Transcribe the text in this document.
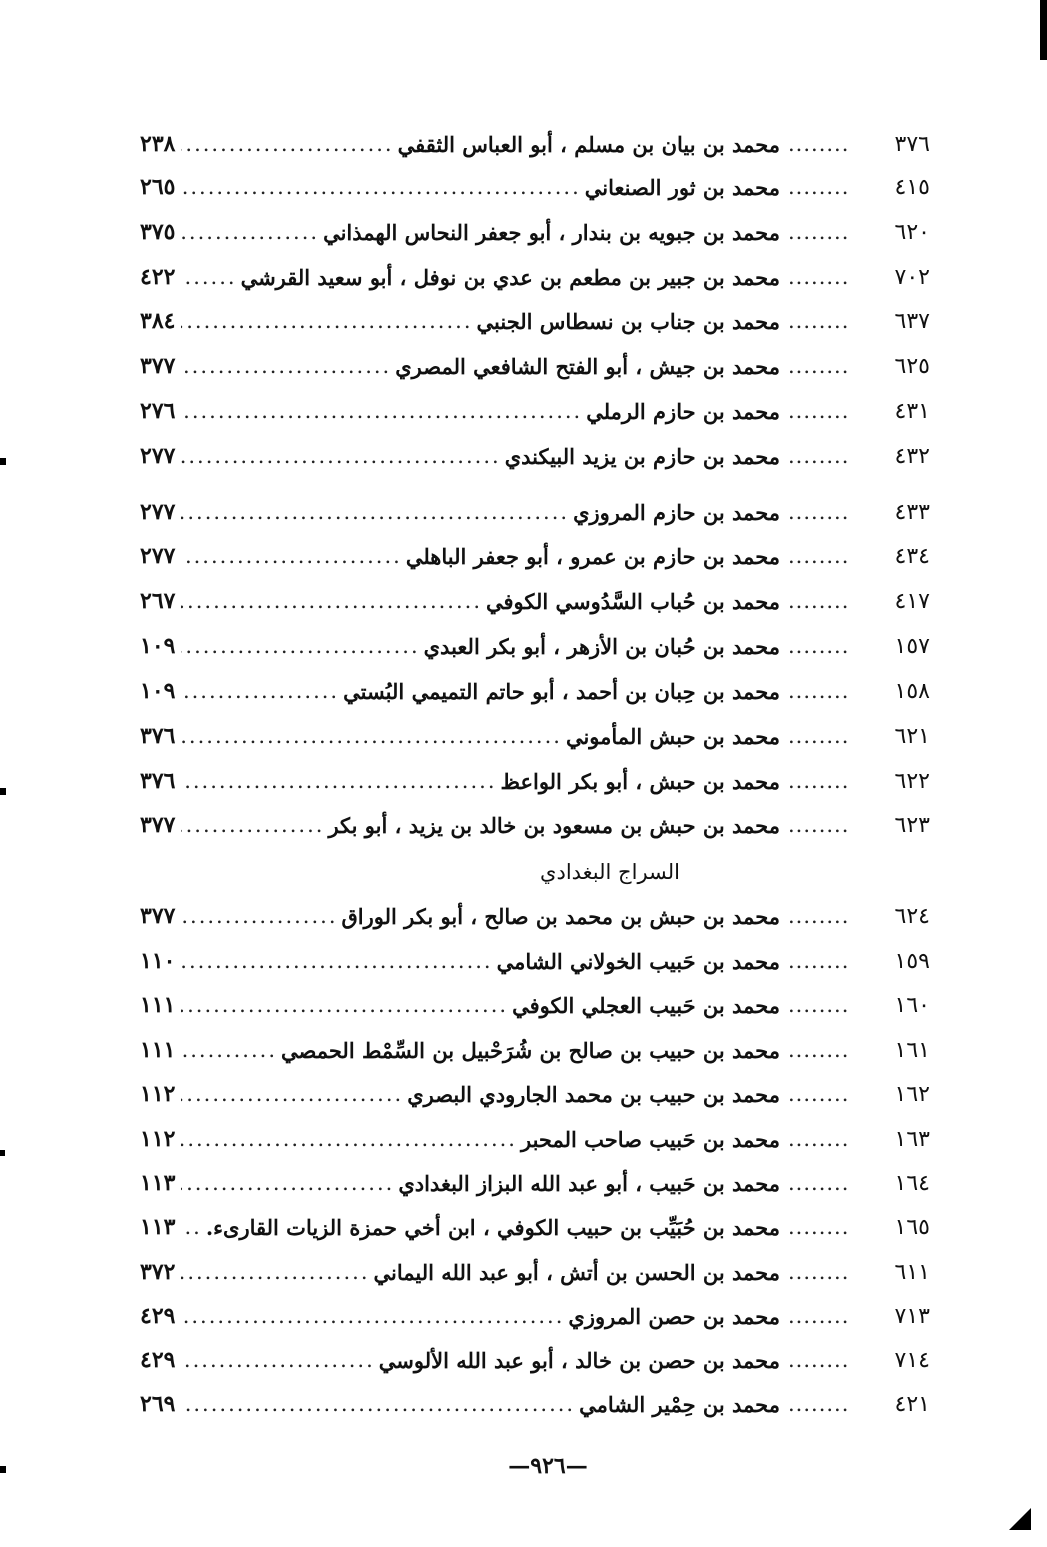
٣٧٦
........
محمد بن بيان بن مسلم ، أبو العباس الثقفي
.....
٢٣٨
٤١٥
........
محمد بن ثور الصنعاني
.....
٢٦٥
٦٢٠
........
محمد بن جبويه بن بندار ، أبو جعفر النحاس الهمذاني
.....
٣٧٥
٧٠٢
........
محمد بن جبير بن مطعم بن عدي بن نوفل ، أبو سعيد القرشي
.....
٤٢٢
٦٣٧
........
محمد بن جناب بن نسطاس الجنبي
.....
٣٨٤
٦٢٥
........
محمد بن جيش ، أبو الفتح الشافعي المصري
.....
٣٧٧
٤٣١
........
محمد بن حازم الرملي
.....
٢٧٦
٤٣٢
........
محمد بن حازم بن يزيد البيكندي
.....
٢٧٧
٤٣٣
........
محمد بن حازم المروزي
.....
٢٧٧
٤٣٤
........
محمد بن حازم بن عمرو ، أبو جعفر الباهلي
.....
٢٧٧
٤١٧
........
محمد بن حُباب السَّدُوسي الكوفي
.....
٢٦٧
١٥٧
........
محمد بن حُبان بن الأزهر ، أبو بكر العبدي
.....
١٠٩
١٥٨
........
محمد بن حِبان بن أحمد ، أبو حاتم التميمي البُستي
.....
١٠٩
٦٢١
........
محمد بن حبش المأموني
.....
٣٧٦
٦٢٢
........
محمد بن حبش ، أبو بكر الواعظ
.....
٣٧٦
٦٢٣
........
محمد بن حبش بن مسعود بن خالد بن يزيد ، أبو بكر
.....
٣٧٧
السراج البغدادي
٦٢٤
........
محمد بن حبش بن محمد بن صالح ، أبو بكر الوراق
.....
٣٧٧
١٥٩
........
محمد بن حَبيب الخولاني الشامي
.....
١١٠
١٦٠
........
محمد بن حَبيب العجلي الكوفي
.....
١١١
١٦١
........
محمد بن حبيب بن صالح بن شُرَحْبيل بن السِّمْط الحمصي
.....
١١١
١٦٢
........
محمد بن حبيب بن محمد الجارودي البصري
.....
١١٢
١٦٣
........
محمد بن حَبيب صاحب المحبر
.....
١١٢
١٦٤
........
محمد بن حَبيب ، أبو عبد الله البزاز البغدادي
.....
١١٣
١٦٥
........
محمد بن حُبَيِّب بن حبيب الكوفي ، ابن أخي حمزة الزيات القارىء.
.....
١١٣
٦١١
........
محمد بن الحسن بن أتش ، أبو عبد الله اليماني
.....
٣٧٢
٧١٣
........
محمد بن حصن المروزي
.....
٤٢٩
٧١٤
........
محمد بن حصن بن خالد ، أبو عبد الله الألوسي
.....
٤٢٩
٤٢١
........
محمد بن حِمْير الشامي
.....
٢٦٩
—٩٢٦—
